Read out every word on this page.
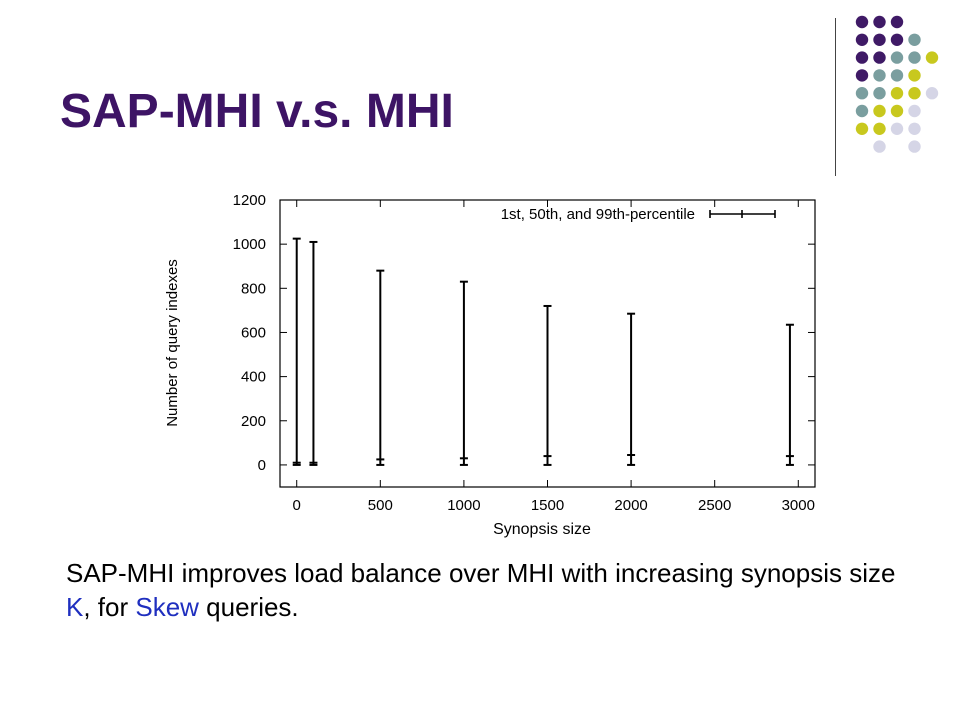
SAP-MHI v.s. MHI
Number of query indexes
Synopsis size
1st, 50th, and 99th-percentile
0
200
400
600
800
1000
1200
0	500	1000	1500	2000	2500	3000

SAP-MHI improves load balance over MHI with increasing synopsis size K, for Skew queries.
